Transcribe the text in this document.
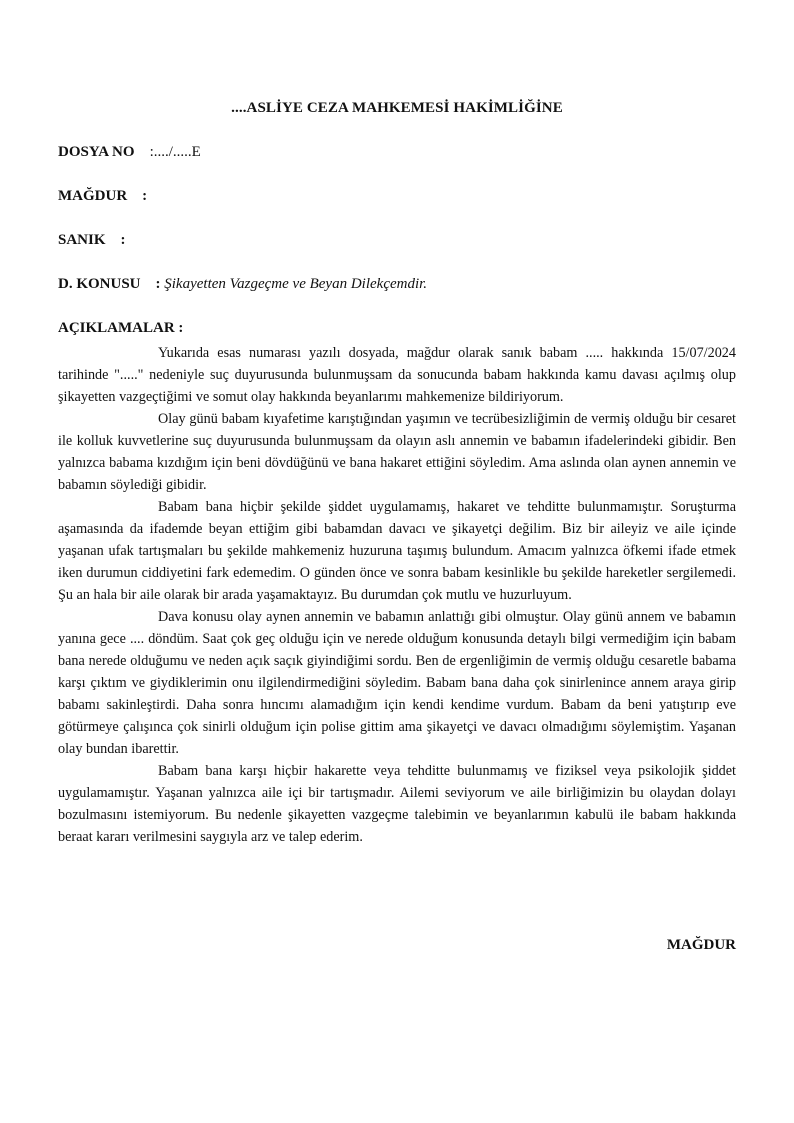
....ASLİYE CEZA MAHKEMESİ HAKİMLİĞİNE
DOSYA NO :..../.....E
MAĞDUR :
SANIK :
D. KONUSU : Şikayetten Vazgeçme ve Beyan Dilekçemdir.
AÇIKLAMALAR :

Yukarıda esas numarası yazılı dosyada, mağdur olarak sanık babam ..... hakkında 15/07/2024 tarihinde "....." nedeniyle suç duyurusunda bulunmuşsam da sonucunda babam hakkında kamu davası açılmış olup şikayetten vazgeçtiğimi ve somut olay hakkında beyanlarımı mahkemenize bildiriyorum.

Olay günü babam kıyafetime karıştığından yaşımın ve tecrübesizliğimin de vermiş olduğu bir cesaret ile kolluk kuvvetlerine suç duyurusunda bulunmuşsam da olayın aslı annemin ve babamın ifadelerindeki gibidir. Ben yalnızca babama kızdığım için beni dövdüğünü ve bana hakaret ettiğini söyledim. Ama aslında olan aynen annemin ve babamın söylediği gibidir.

Babam bana hiçbir şekilde şiddet uygulamamış, hakaret ve tehditte bulunmamıştır. Soruşturma aşamasında da ifademde beyan ettiğim gibi babamdan davacı ve şikayetçi değilim. Biz bir aileyiz ve aile içinde yaşanan ufak tartışmaları bu şekilde mahkemeniz huzuruna taşımış bulundum. Amacım yalnızca öfkemi ifade etmek iken durumun ciddiyetini fark edemedim. O günden önce ve sonra babam kesinlikle bu şekilde hareketler sergilemedi. Şu an hala bir aile olarak bir arada yaşamaktayız. Bu durumdan çok mutlu ve huzurluyum.

Dava konusu olay aynen annemin ve babamın anlattığı gibi olmuştur. Olay günü annem ve babamın yanına gece .... döndüm. Saat çok geç olduğu için ve nerede olduğum konusunda detaylı bilgi vermediğim için babam bana nerede olduğumu ve neden açık saçık giyindiğimi sordu. Ben de ergenliğimin de vermiş olduğu cesaretle babama karşı çıktım ve giydiklerimin onu ilgilendirmediğini söyledim. Babam bana daha çok sinirlenince annem araya girip babamı sakinleştirdi. Daha sonra hıncımı alamadığım için kendi kendime vurdum. Babam da beni yatıştırıp eve götürmeye çalışınca çok sinirli olduğum için polise gittim ama şikayetçi ve davacı olmadığımı söylemiştim. Yaşanan olay bundan ibarettir.

Babam bana karşı hiçbir hakarette veya tehditte bulunmamış ve fiziksel veya psikolojik şiddet uygulamamıştır. Yaşanan yalnızca aile içi bir tartışmadır. Ailemi seviyorum ve aile birliğimizin bu olaydan dolayı bozulmasını istemiyorum. Bu nedenle şikayetten vazgeçme talebimin ve beyanlarımın kabulü ile babam hakkında beraat kararı verilmesini saygıyla arz ve talep ederim.

MAĞDUR
